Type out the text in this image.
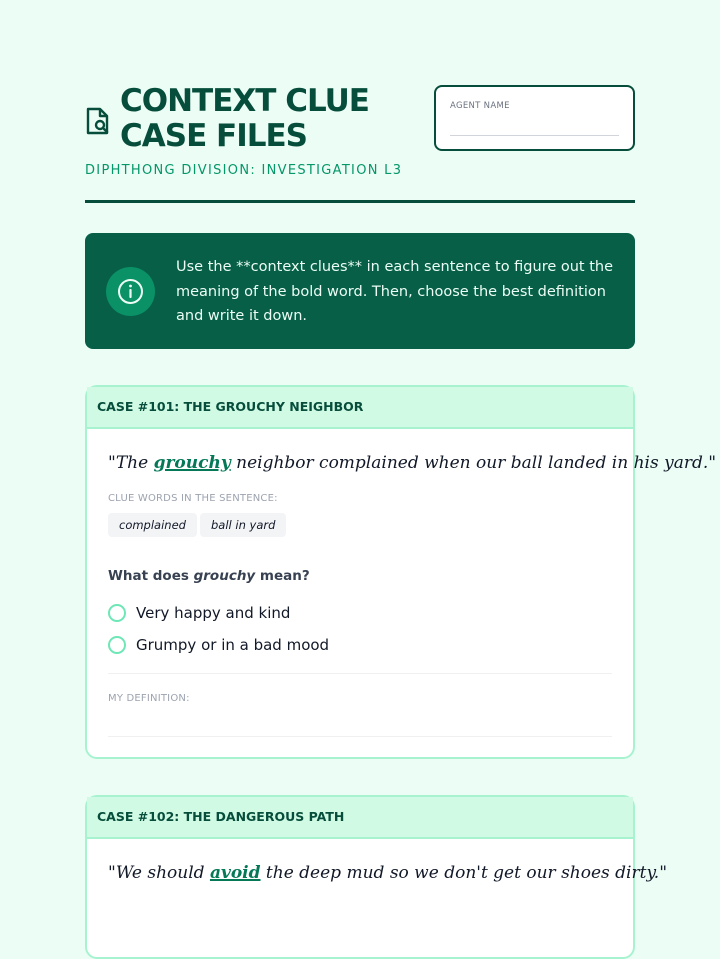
CONTEXT CLUE
CASE FILES
DIPHTHONG DIVISION: INVESTIGATION L3
AGENT NAME
Use the **context clues** in each sentence to figure out the meaning of the bold word. Then, choose the best definition and write it down.
CASE #101: THE GROUCHY NEIGHBOR
"The grouchy neighbor complained when our ball landed in his yard."
CLUE WORDS IN THE SENTENCE:
complained	ball in yard
What does grouchy mean?
Very happy and kind
Grumpy or in a bad mood
MY DEFINITION:
CASE #102: THE DANGEROUS PATH
"We should avoid the deep mud so we don't get our shoes dirty."
